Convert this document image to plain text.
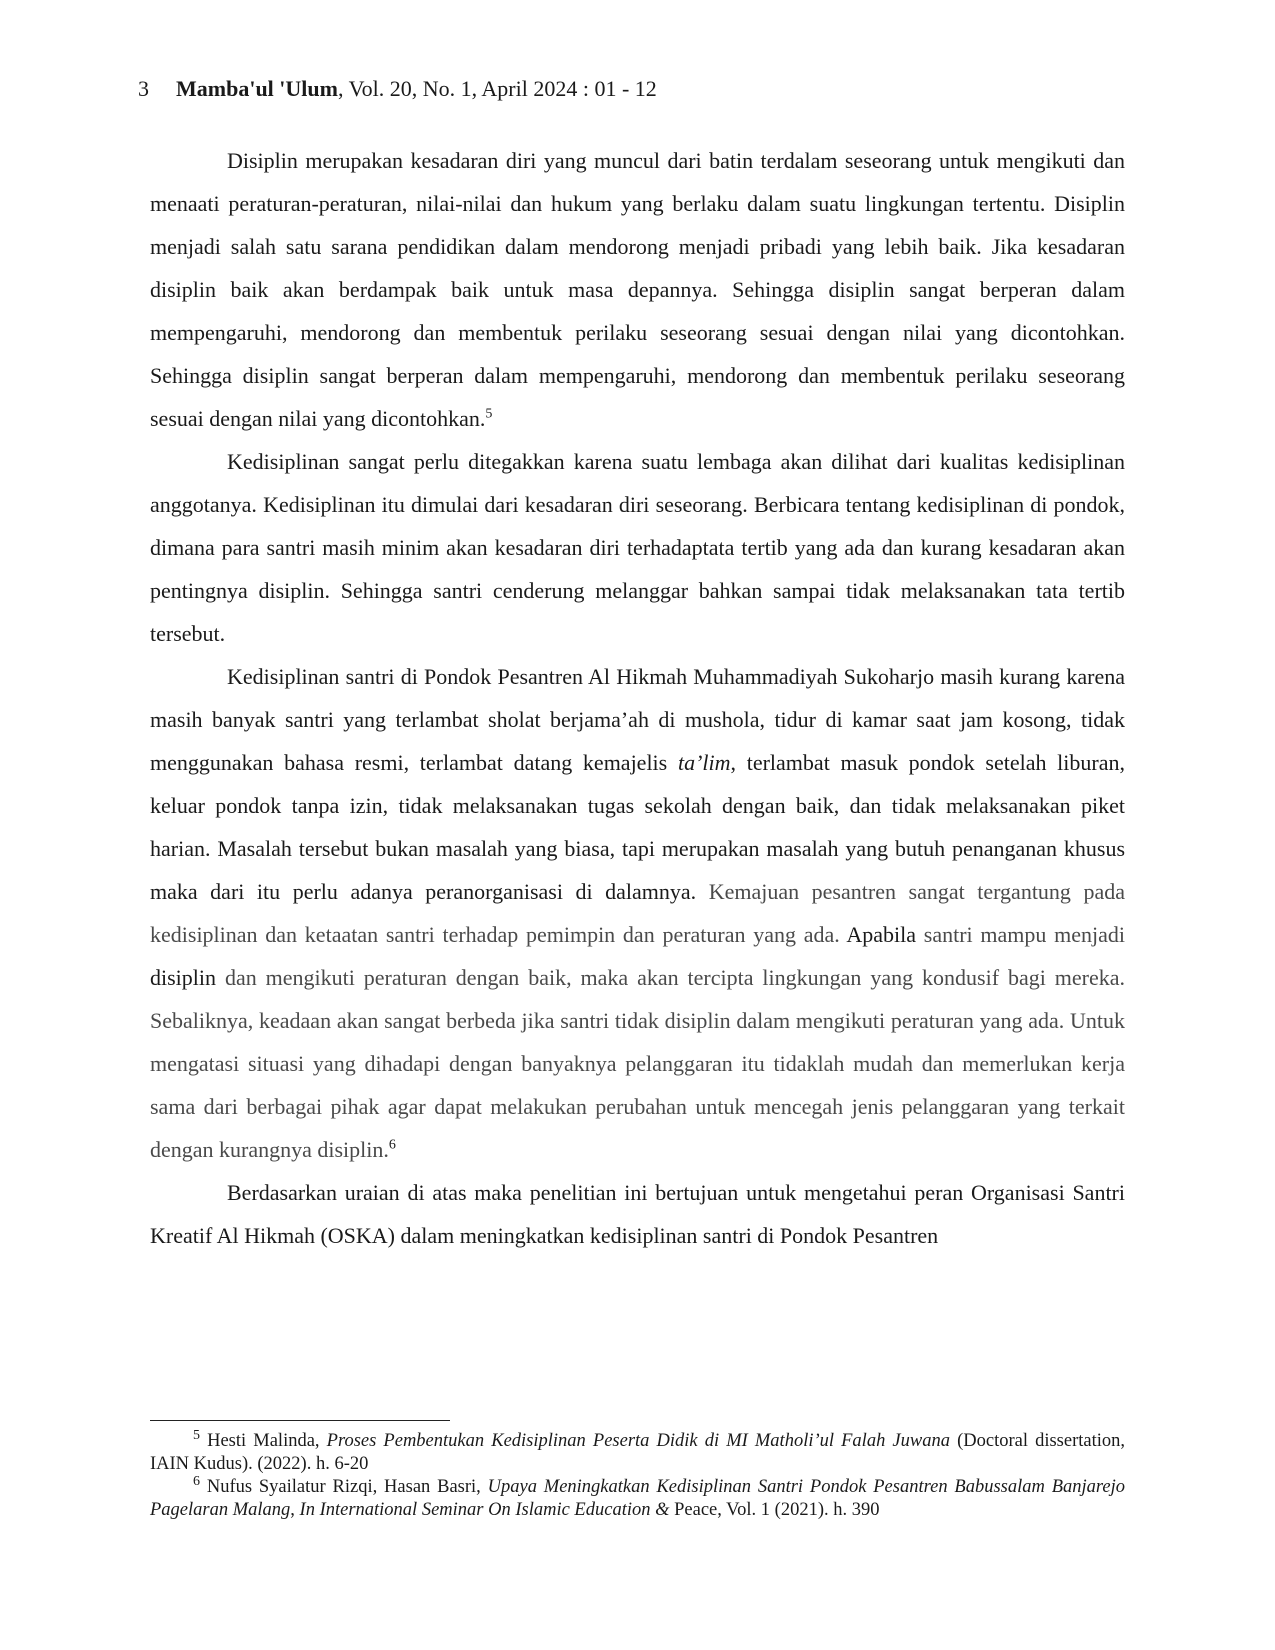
3 Mamba'ul 'Ulum, Vol. 20, No. 1, April 2024 : 01 - 12

Disiplin merupakan kesadaran diri yang muncul dari batin terdalam seseorang untuk mengikuti dan menaati peraturan-peraturan, nilai-nilai dan hukum yang berlaku dalam suatu lingkungan tertentu. Disiplin menjadi salah satu sarana pendidikan dalam mendorong menjadi pribadi yang lebih baik. Jika kesadaran disiplin baik akan berdampak baik untuk masa depannya. Sehingga disiplin sangat berperan dalam mempengaruhi, mendorong dan membentuk perilaku seseorang sesuai dengan nilai yang dicontohkan. Sehingga disiplin sangat berperan dalam mempengaruhi, mendorong dan membentuk perilaku seseorang sesuai dengan nilai yang dicontohkan.$^5$

Kedisiplinan sangat perlu ditegakkan karena suatu lembaga akan dilihat dari kualitas kedisiplinan anggotanya. Kedisiplinan itu dimulai dari kesadaran diri seseorang. Berbicara tentang kedisiplinan di pondok, dimana para santri masih minim akan kesadaran diri terhadaptata tertib yang ada dan kurang kesadaran akan pentingnya disiplin. Sehingga santri cenderung melanggar bahkan sampai tidak melaksanakan tata tertib tersebut.

Kedisiplinan santri di Pondok Pesantren Al Hikmah Muhammadiyah Sukoharjo masih kurang karena masih banyak santri yang terlambat sholat berjama’ah di mushola, tidur di kamar saat jam kosong, tidak menggunakan bahasa resmi, terlambat datang kemajelis ta’lim, terlambat masuk pondok setelah liburan, keluar pondok tanpa izin, tidak melaksanakan tugas sekolah dengan baik, dan tidak melaksanakan piket harian. Masalah tersebut bukan masalah yang biasa, tapi merupakan masalah yang butuh penanganan khusus maka dari itu perlu adanya peranorganisasi di dalamnya. Kemajuan pesantren sangat tergantung pada kedisiplinan dan ketaatan santri terhadap pemimpin dan peraturan yang ada. Apabila santri mampu menjadi disiplin dan mengikuti peraturan dengan baik, maka akan tercipta lingkungan yang kondusif bagi mereka. Sebaliknya, keadaan akan sangat berbeda jika santri tidak disiplin dalam mengikuti peraturan yang ada. Untuk mengatasi situasi yang dihadapi dengan banyaknya pelanggaran itu tidaklah mudah dan memerlukan kerja sama dari berbagai pihak agar dapat melakukan perubahan untuk mencegah jenis pelanggaran yang terkait dengan kurangnya disiplin.$^6$

Berdasarkan uraian di atas maka penelitian ini bertujuan untuk mengetahui peran Organisasi Santri Kreatif Al Hikmah (OSKA) dalam meningkatkan kedisiplinan santri di Pondok Pesantren

$^5$ Hesti Malinda, Proses Pembentukan Kedisiplinan Peserta Didik di MI Matholi’ul Falah Juwana (Doctoral dissertation, IAIN Kudus). (2022). h. 6-20

$^6$ Nufus Syailatur Rizqi, Hasan Basri, Upaya Meningkatkan Kedisiplinan Santri Pondok Pesantren Babussalam Banjarejo Pagelaran Malang, In International Seminar On Islamic Education & Peace, Vol. 1 (2021). h. 390
